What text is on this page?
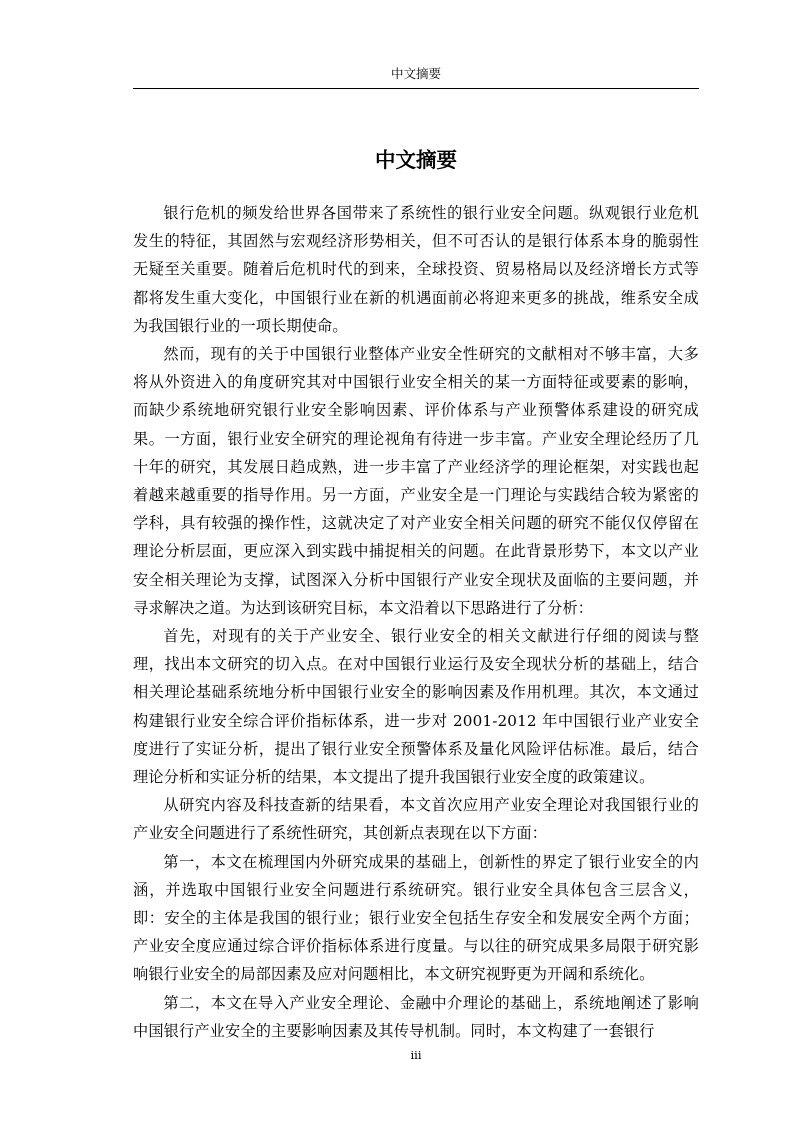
中文摘要
中文摘要

银行危机的频发给世界各国带来了系统性的银行业安全问题。纵观银行业危机发生的特征，其固然与宏观经济形势相关，但不可否认的是银行体系本身的脆弱性无疑至关重要。随着后危机时代的到来，全球投资、贸易格局以及经济增长方式等都将发生重大变化，中国银行业在新的机遇面前必将迎来更多的挑战，维系安全成为我国银行业的一项长期使命。

然而，现有的关于中国银行业整体产业安全性研究的文献相对不够丰富，大多将从外资进入的角度研究其对中国银行业安全相关的某一方面特征或要素的影响，而缺少系统地研究银行业安全影响因素、评价体系与产业预警体系建设的研究成果。一方面，银行业安全研究的理论视角有待进一步丰富。产业安全理论经历了几十年的研究，其发展日趋成熟，进一步丰富了产业经济学的理论框架，对实践也起着越来越重要的指导作用。另一方面，产业安全是一门理论与实践结合较为紧密的学科，具有较强的操作性，这就决定了对产业安全相关问题的研究不能仅仅停留在理论分析层面，更应深入到实践中捕捉相关的问题。在此背景形势下，本文以产业安全相关理论为支撑，试图深入分析中国银行产业安全现状及面临的主要问题，并寻求解决之道。为达到该研究目标，本文沿着以下思路进行了分析：

首先，对现有的关于产业安全、银行业安全的相关文献进行仔细的阅读与整理，找出本文研究的切入点。在对中国银行业运行及安全现状分析的基础上，结合相关理论基础系统地分析中国银行业安全的影响因素及作用机理。其次，本文通过构建银行业安全综合评价指标体系，进一步对 2001-2012 年中国银行业产业安全度进行了实证分析，提出了银行业安全预警体系及量化风险评估标准。最后，结合理论分析和实证分析的结果，本文提出了提升我国银行业安全度的政策建议。

从研究内容及科技查新的结果看，本文首次应用产业安全理论对我国银行业的产业安全问题进行了系统性研究，其创新点表现在以下方面：

第一，本文在梳理国内外研究成果的基础上，创新性的界定了银行业安全的内涵，并选取中国银行业安全问题进行系统研究。银行业安全具体包含三层含义，即：安全的主体是我国的银行业；银行业安全包括生存安全和发展安全两个方面；产业安全度应通过综合评价指标体系进行度量。与以往的研究成果多局限于研究影响银行业安全的局部因素及应对问题相比，本文研究视野更为开阔和系统化。

第二，本文在导入产业安全理论、金融中介理论的基础上，系统地阐述了影响中国银行产业安全的主要影响因素及其传导机制。同时，本文构建了一套银行

iii
